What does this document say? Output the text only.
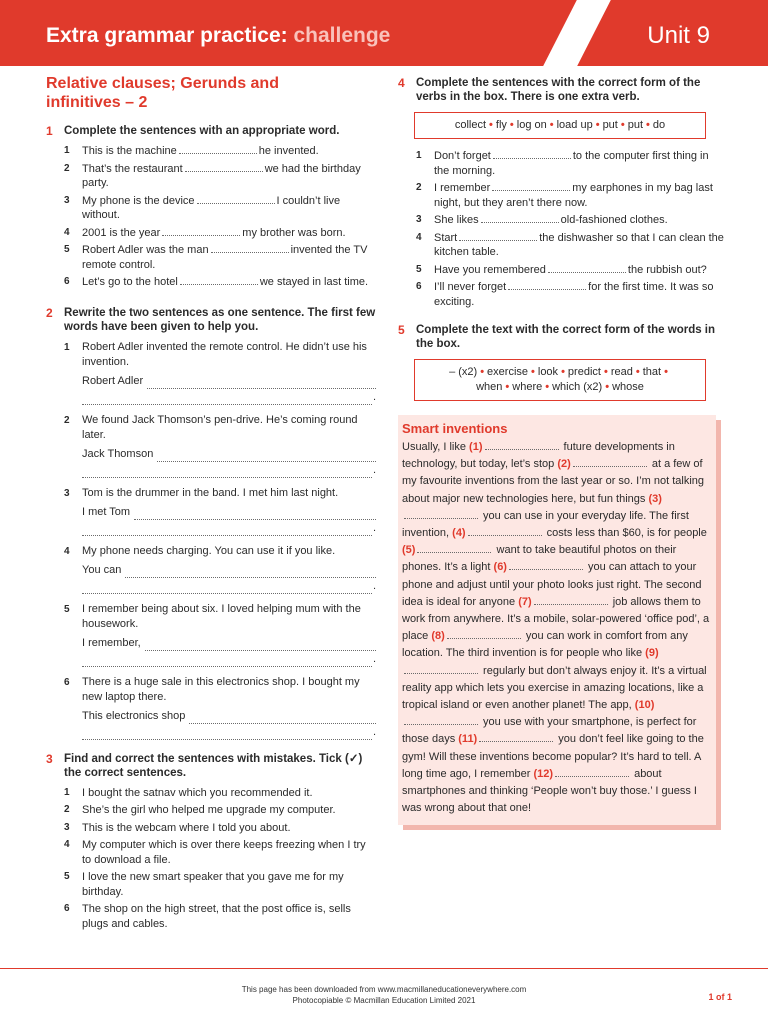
Extra grammar practice: challenge	Unit 9
Relative clauses; Gerunds and infinitives – 2
1 Complete the sentences with an appropriate word.
1 This is the machine	he invented.
2 That’s the restaurant	we had the birthday party.
3 My phone is the device	I couldn’t live without.
4 2001 is the year	my brother was born.
5 Robert Adler was the man	invented the TV remote control.
6 Let’s go to the hotel	we stayed in last time.
2 Rewrite the two sentences as one sentence. The first few words have been given to help you.
1 Robert Adler invented the remote control. He didn’t use his invention.
Robert Adler
.
2 We found Jack Thomson’s pen-drive. He’s coming round later.
Jack Thomson
.
3 Tom is the drummer in the band. I met him last night.
I met Tom
.
4 My phone needs charging. You can use it if you like.
You can
.
5 I remember being about six. I loved helping mum with the housework.
I remember,
.
6 There is a huge sale in this electronics shop. I bought my new laptop there.
This electronics shop
.
3 Find and correct the sentences with mistakes. Tick (✓) the correct sentences.
1 I bought the satnav which you recommended it.
2 She’s the girl who helped me upgrade my computer.
3 This is the webcam where I told you about.
4 My computer which is over there keeps freezing when I try to download a file.
5 I love the new smart speaker that you gave me for my birthday.
6 The shop on the high street, that the post office is, sells plugs and cables.
4 Complete the sentences with the correct form of the verbs in the box. There is one extra verb.
collect • fly • log on • load up • put • put • do
1 Don’t forget	to the computer first thing in the morning.
2 I remember	my earphones in my bag last night, but they aren’t there now.
3 She likes	old-fashioned clothes.
4 Start	the dishwasher so that I can clean the kitchen table.
5 Have you remembered	the rubbish out?
6 I’ll never forget	for the first time. It was so exciting.
5 Complete the text with the correct form of the words in the box.
– (x2) • exercise • look • predict • read • that •
when • where • which (x2) • whose
Smart inventions
Usually, I like (1)	future developments in technology, but today, let’s stop (2)	at a few of my favourite inventions from the last year or so. I’m not talking about major new technologies here, but fun things (3) you can use in your everyday life. The first invention, (4)	costs less than $60, is for people (5)	want to take beautiful photos on their phones. It’s a light (6)	you can attach to your phone and adjust until your photo looks just right. The second idea is ideal for anyone (7)	job allows them to work from anywhere. It’s a mobile, solar-powered ‘office pod’, a place (8)	you can work in comfort from any location. The third invention is for people who like (9) regularly but don’t always enjoy it. It’s a virtual reality app which lets you exercise in amazing locations, like a tropical island or even another planet! The app, (10) you use with your smartphone, is perfect for those days (11)	you don’t feel like going to the gym! Will these inventions become popular? It’s hard to tell. A long time ago, I remember (12)	about smartphones and thinking ‘People won’t buy those.’ I guess I was wrong about that one!
This page has been downloaded from www.macmillaneducationeverywhere.com
Photocopiable © Macmillan Education Limited 2021	1 of 1
